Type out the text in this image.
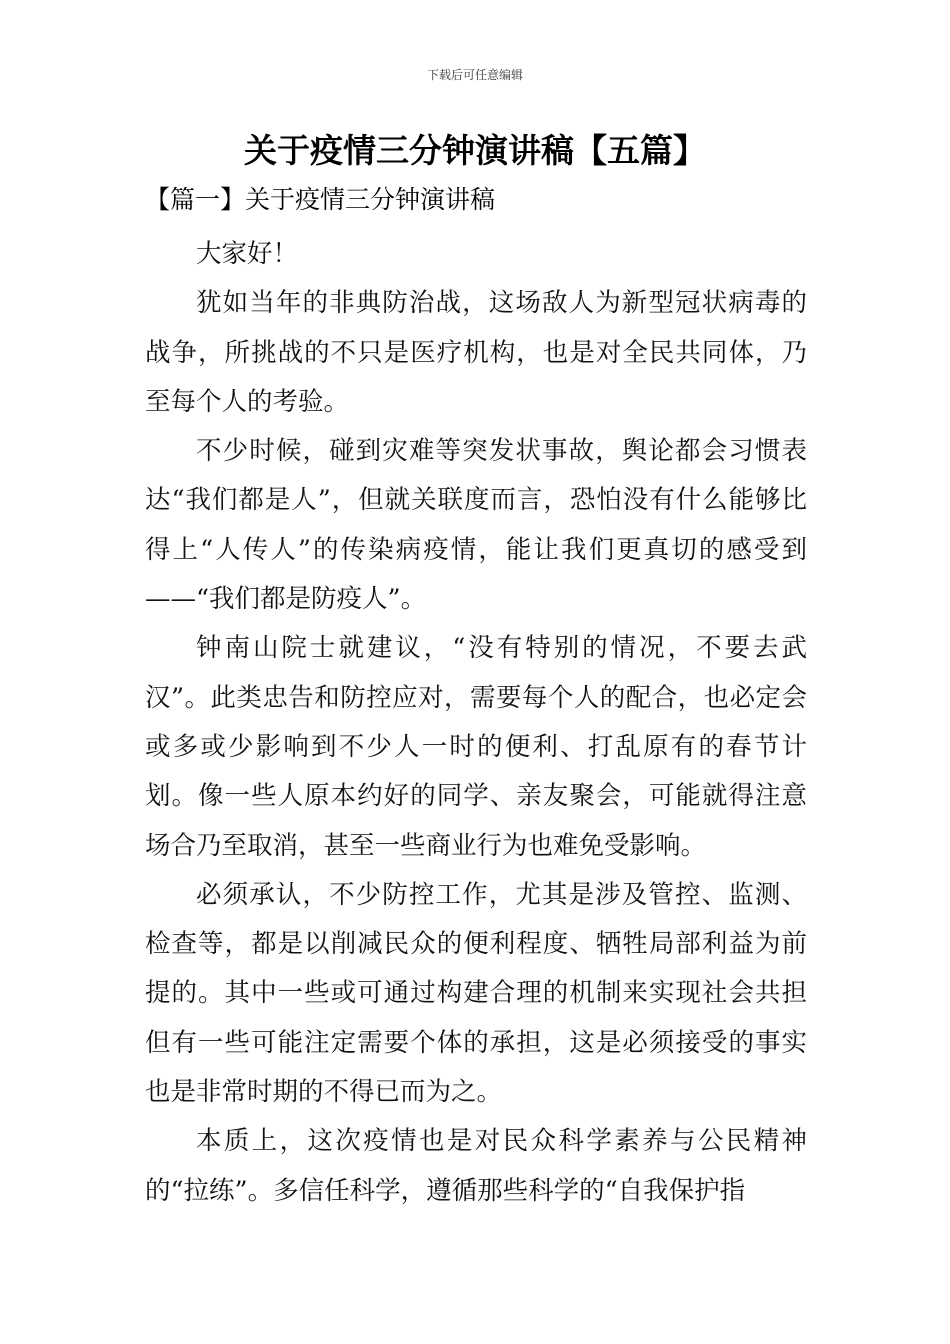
下载后可任意编辑
关于疫情三分钟演讲稿【五篇】
【篇一】关于疫情三分钟演讲稿

大家好！

犹如当年的非典防治战，这场敌人为新型冠状病毒的战争，所挑战的不只是医疗机构，也是对全民共同体，乃至每个人的考验。

不少时候，碰到灾难等突发状事故，舆论都会习惯表达“我们都是人”，但就关联度而言，恐怕没有什么能够比得上“人传人”的传染病疫情，能让我们更真切的感受到——“我们都是防疫人”。

钟南山院士就建议，“没有特别的情况，不要去武汉”。此类忠告和防控应对，需要每个人的配合，也必定会或多或少影响到不少人一时的便利、打乱原有的春节计划。像一些人原本约好的同学、亲友聚会，可能就得注意场合乃至取消，甚至一些商业行为也难免受影响。

必须承认，不少防控工作，尤其是涉及管控、监测、检查等，都是以削减民众的便利程度、牺牲局部利益为前提的。其中一些或可通过构建合理的机制来实现社会共担但有一些可能注定需要个体的承担，这是必须接受的事实也是非常时期的不得已而为之。

本质上，这次疫情也是对民众科学素养与公民精神的“拉练”。多信任科学，遵循那些科学的“自我保护指
